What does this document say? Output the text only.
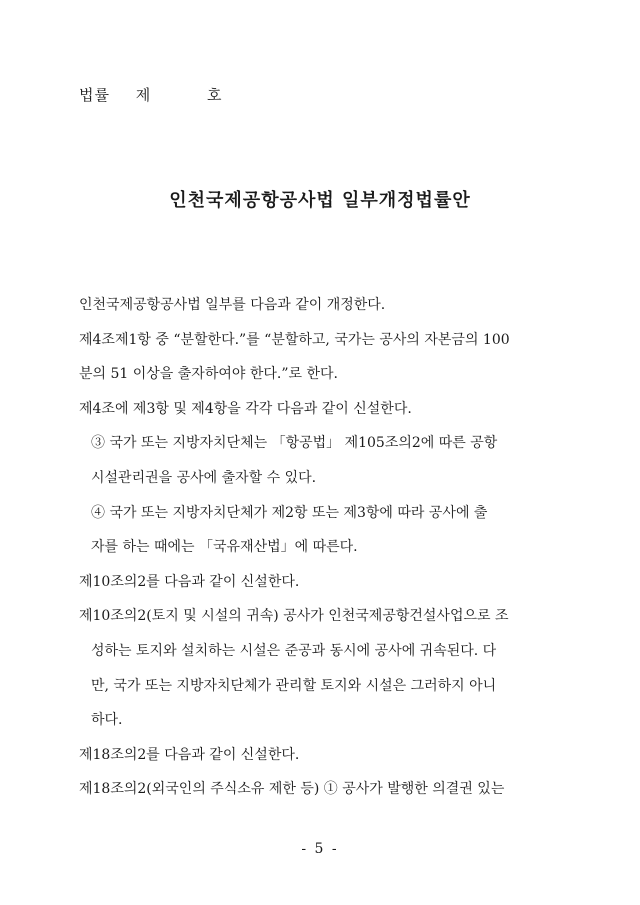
법률 제	호
인천국제공항공사법 일부개정법률안
인천국제공항공사법 일부를 다음과 같이 개정한다.
제4조제1항 중 “분할한다.”를 “분할하고, 국가는 공사의 자본금의 100
분의 51 이상을 출자하여야 한다.”로 한다.
제4조에 제3항 및 제4항을 각각 다음과 같이 신설한다.
③ 국가 또는 지방자치단체는 「항공법」 제105조의2에 따른 공항
시설관리권을 공사에 출자할 수 있다.
④ 국가 또는 지방자치단체가 제2항 또는 제3항에 따라 공사에 출
자를 하는 때에는 「국유재산법」에 따른다.
제10조의2를 다음과 같이 신설한다.
제10조의2(토지 및 시설의 귀속) 공사가 인천국제공항건설사업으로 조
성하는 토지와 설치하는 시설은 준공과 동시에 공사에 귀속된다. 다
만, 국가 또는 지방자치단체가 관리할 토지와 시설은 그러하지 아니
하다.
제18조의2를 다음과 같이 신설한다.
제18조의2(외국인의 주식소유 제한 등) ① 공사가 발행한 의결권 있는
- 5 -
